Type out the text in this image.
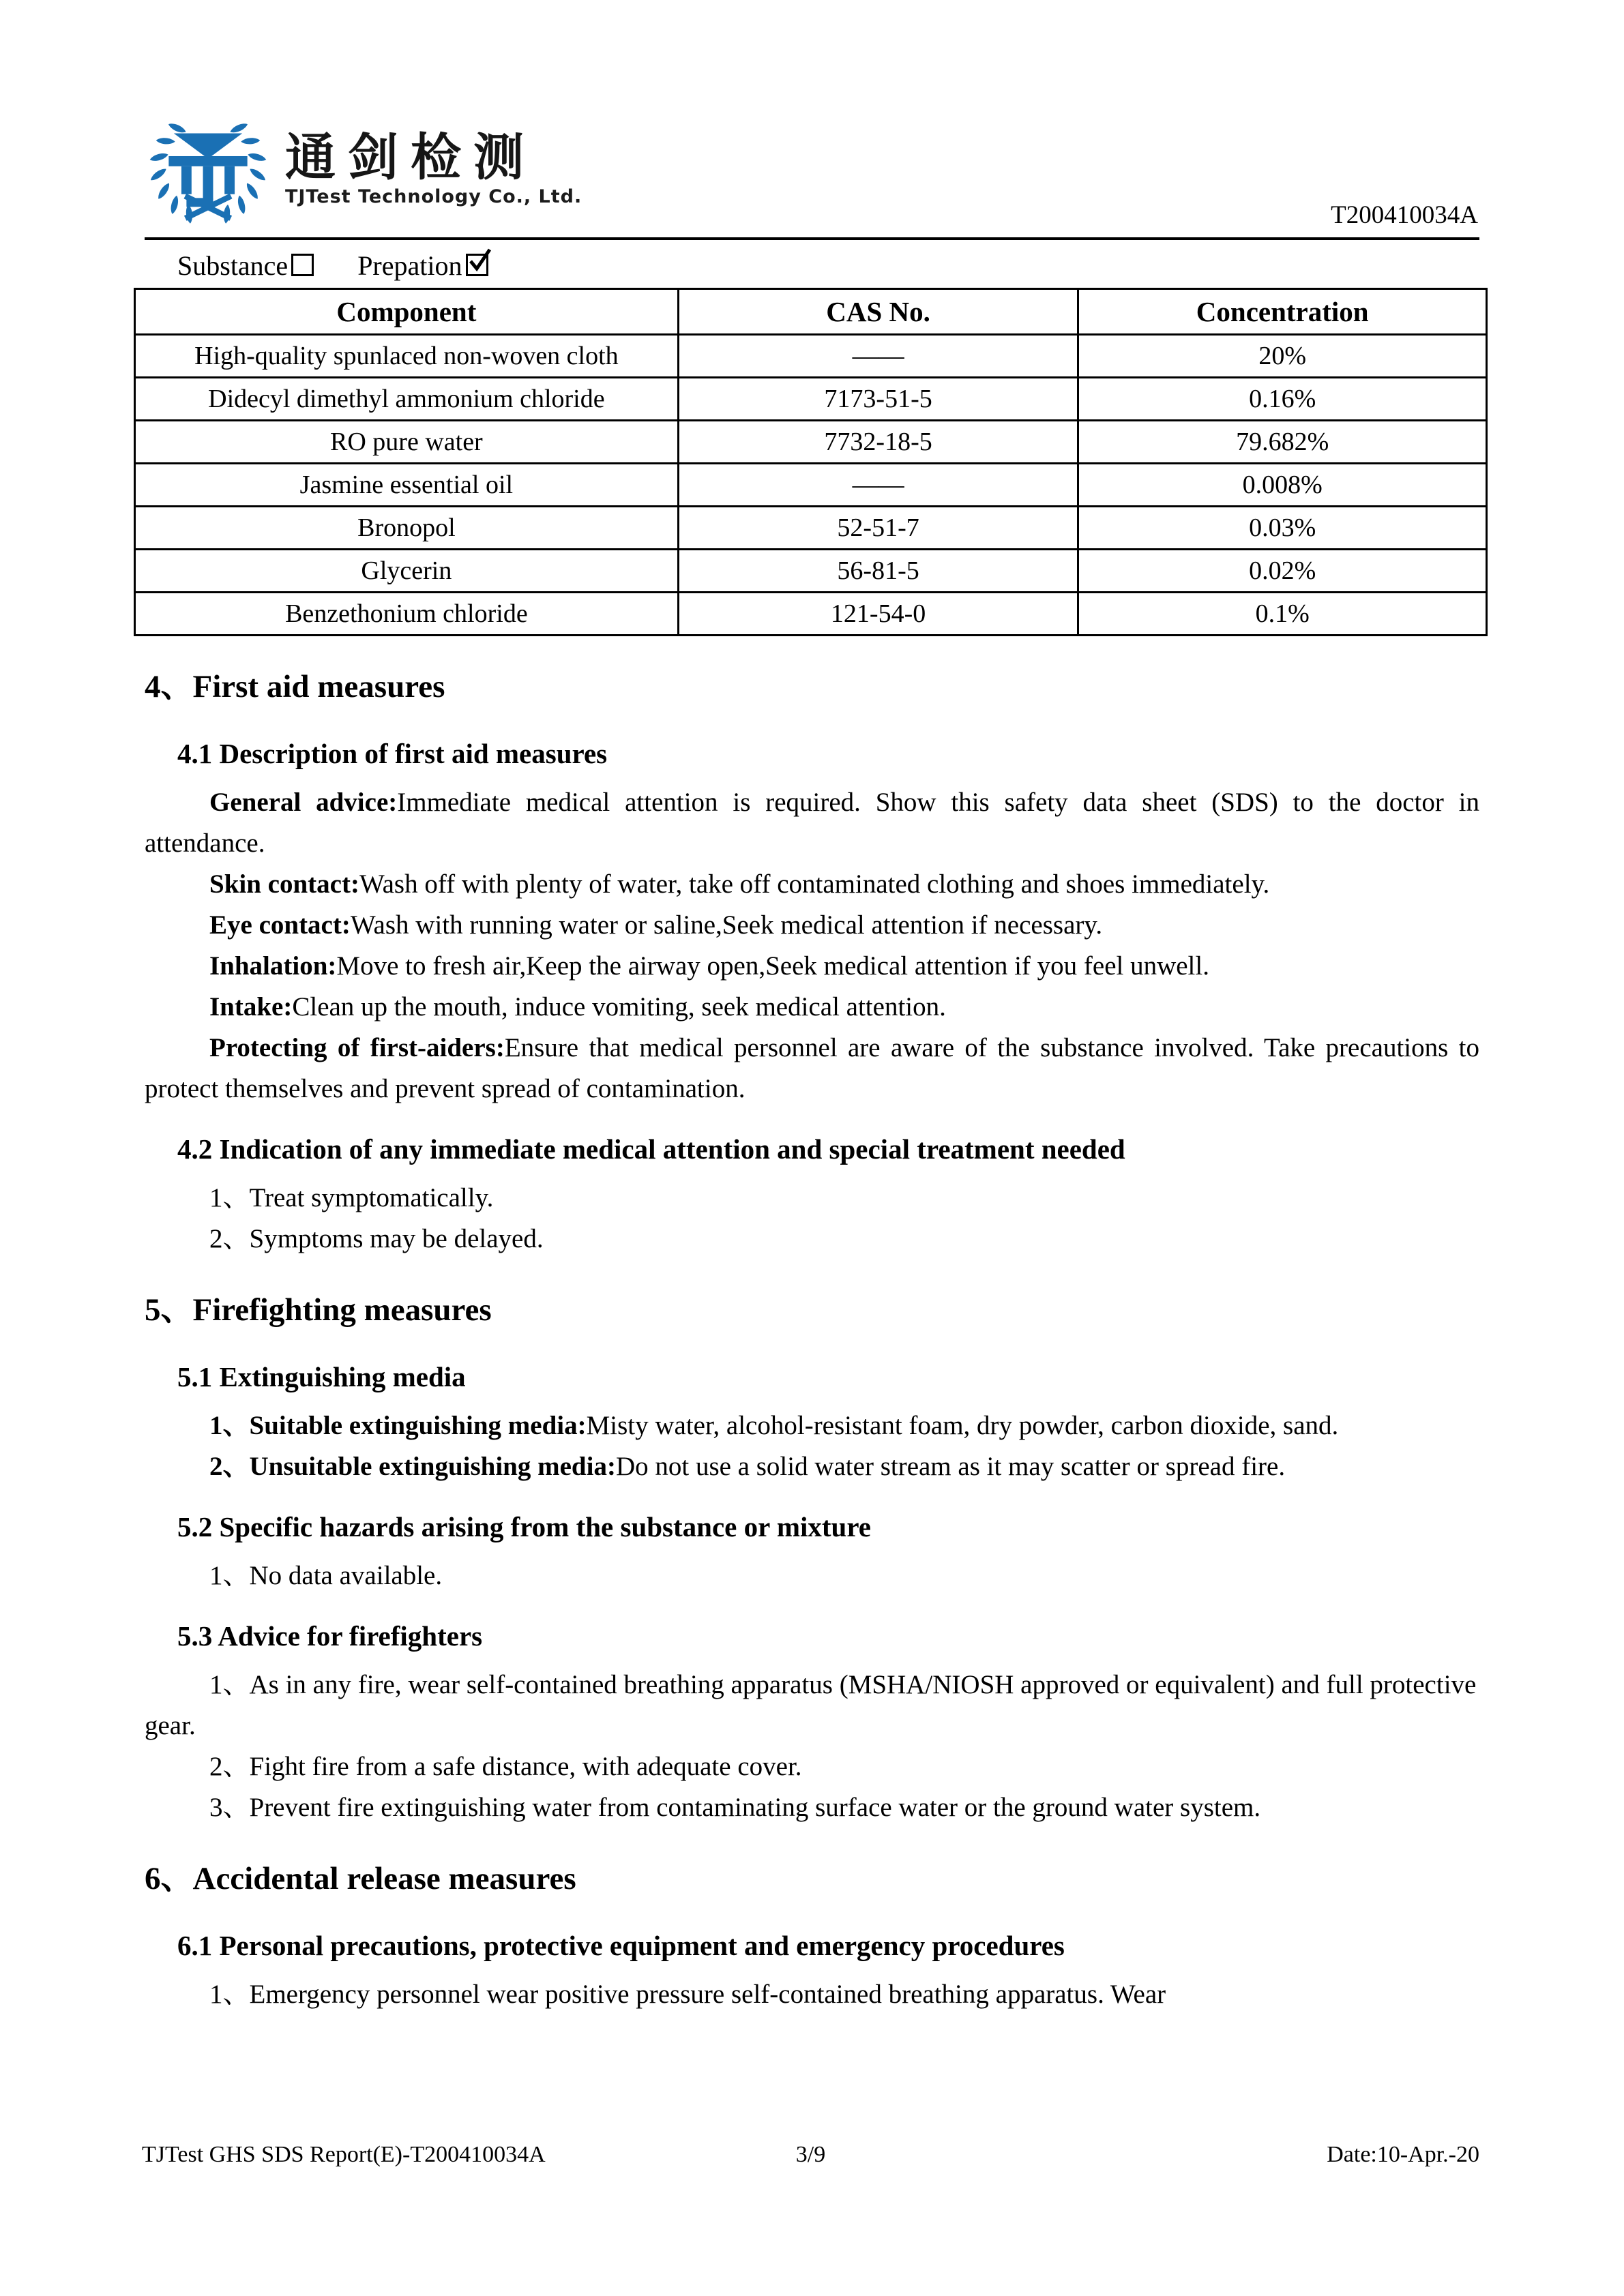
通剑检测
TJTest Technology Co., Ltd.
T200410034A
Substance	Prepation
Component	CAS No.	Concentration
High-quality spunlaced non-woven cloth	——	20%
Didecyl dimethyl ammonium chloride	7173-51-5	0.16%
RO pure water	7732-18-5	79.682%
Jasmine essential oil	——	0.008%
Bronopol	52-51-7	0.03%
Glycerin	56-81-5	0.02%
Benzethonium chloride	121-54-0	0.1%
4、First aid measures
4.1 Description of first aid measures

General advice:Immediate medical attention is required. Show this safety data sheet (SDS) to the doctor in attendance.

Skin contact:Wash off with plenty of water, take off contaminated clothing and shoes immediately.

Eye contact:Wash with running water or saline,Seek medical attention if necessary.

Inhalation:Move to fresh air,Keep the airway open,Seek medical attention if you feel unwell.

Intake:Clean up the mouth, induce vomiting, seek medical attention.

Protecting of first-aiders:Ensure that medical personnel are aware of the substance involved. Take precautions to protect themselves and prevent spread of contamination.

4.2 Indication of any immediate medical attention and special treatment needed

1、Treat symptomatically.

2、Symptoms may be delayed.

5、Firefighting measures
5.1 Extinguishing media

1、Suitable extinguishing media:Misty water, alcohol-resistant foam, dry powder, carbon dioxide, sand.

2、Unsuitable extinguishing media:Do not use a solid water stream as it may scatter or spread fire.

5.2 Specific hazards arising from the substance or mixture

1、No data available.

5.3 Advice for firefighters

1、As in any fire, wear self-contained breathing apparatus (MSHA/NIOSH approved or equivalent) and full protective gear.

2、Fight fire from a safe distance, with adequate cover.

3、Prevent fire extinguishing water from contaminating surface water or the ground water system.

6、Accidental release measures
6.1 Personal precautions, protective equipment and emergency procedures

1、Emergency personnel wear positive pressure self-contained breathing apparatus. Wear

TJTest GHS SDS Report(E)-T200410034A	3/9	Date:10-Apr.-20
